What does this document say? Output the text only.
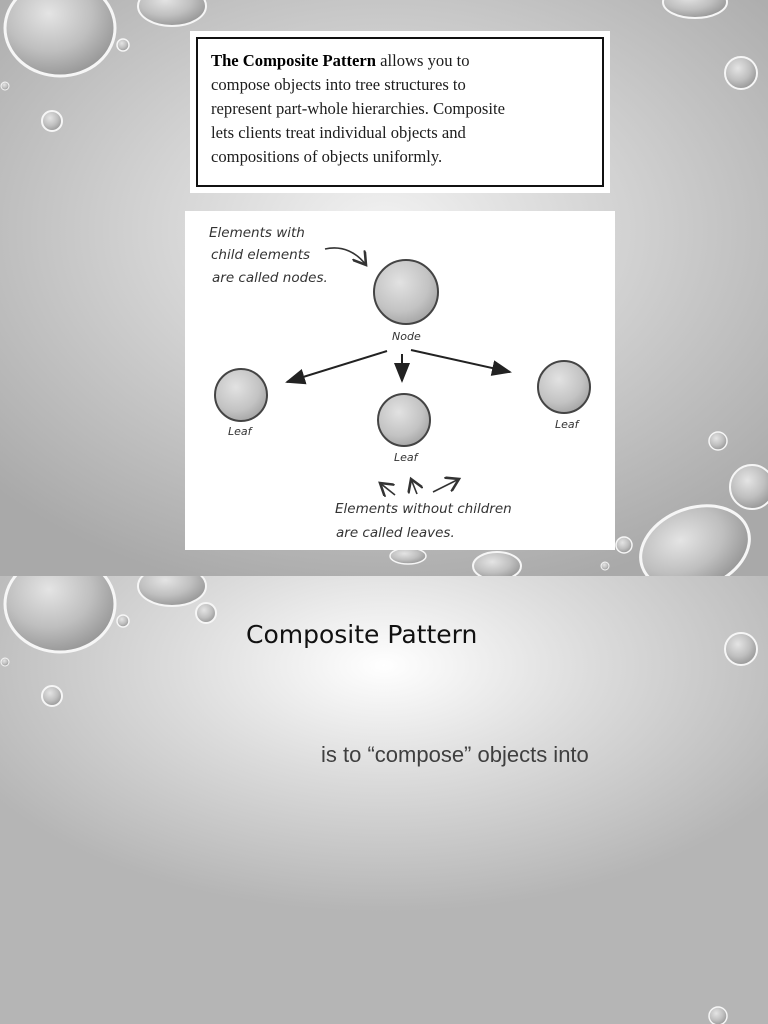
The Composite Pattern allows you to
compose objects into tree structures to
represent part-whole hierarchies. Composite
lets clients treat individual objects and
compositions of objects uniformly.
Elements with child elements are called nodes.
Node
Leaf
Leaf
Leaf
Elements without children are called leaves.
Composite Pattern

is to “compose” objects into
